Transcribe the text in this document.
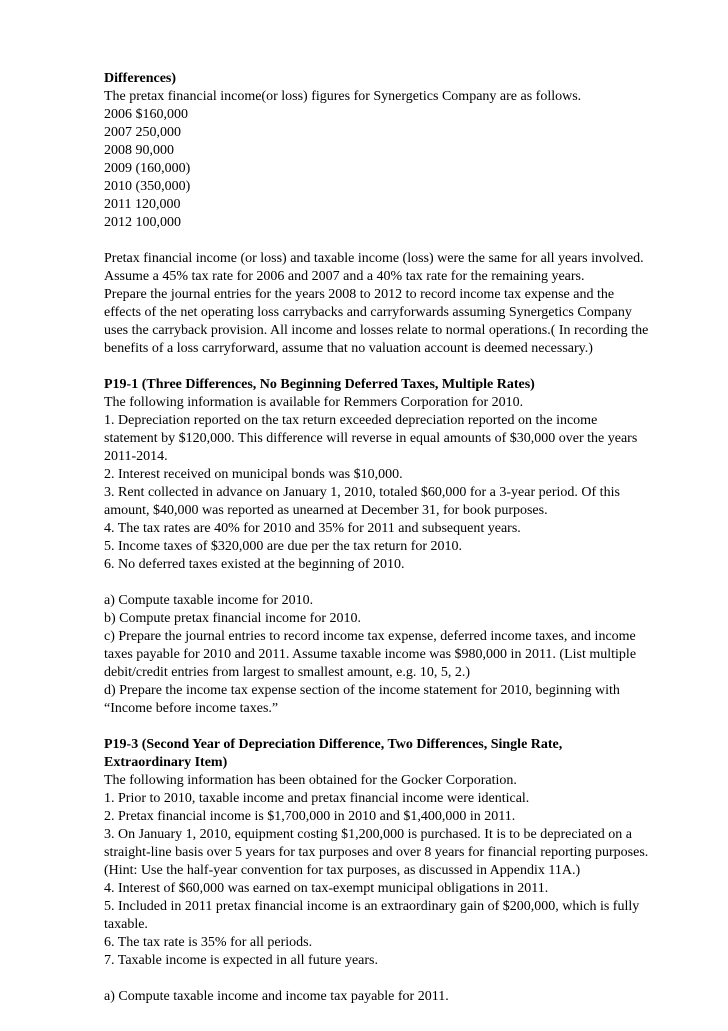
Differences)
The pretax financial income(or loss) figures for Synergetics Company are as follows.
2006 $160,000
2007 250,000
2008 90,000
2009 (160,000)
2010 (350,000)
2011 120,000
2012 100,000
Pretax financial income (or loss) and taxable income (loss) were the same for all years involved.
Assume a 45% tax rate for 2006 and 2007 and a 40% tax rate for the remaining years.
Prepare the journal entries for the years 2008 to 2012 to record income tax expense and the
effects of the net operating loss carrybacks and carryforwards assuming Synergetics Company
uses the carryback provision. All income and losses relate to normal operations.( In recording the
benefits of a loss carryforward, assume that no valuation account is deemed necessary.)
P19-1 (Three Differences, No Beginning Deferred Taxes, Multiple Rates)
The following information is available for Remmers Corporation for 2010.
1. Depreciation reported on the tax return exceeded depreciation reported on the income
statement by $120,000. This difference will reverse in equal amounts of $30,000 over the years
2011-2014.
2. Interest received on municipal bonds was $10,000.
3. Rent collected in advance on January 1, 2010, totaled $60,000 for a 3-year period. Of this
amount, $40,000 was reported as unearned at December 31, for book purposes.
4. The tax rates are 40% for 2010 and 35% for 2011 and subsequent years.
5. Income taxes of $320,000 are due per the tax return for 2010.
6. No deferred taxes existed at the beginning of 2010.
a) Compute taxable income for 2010.
b) Compute pretax financial income for 2010.
c) Prepare the journal entries to record income tax expense, deferred income taxes, and income
taxes payable for 2010 and 2011. Assume taxable income was $980,000 in 2011. (List multiple
debit/credit entries from largest to smallest amount, e.g. 10, 5, 2.)
d) Prepare the income tax expense section of the income statement for 2010, beginning with
“Income before income taxes.”
P19-3 (Second Year of Depreciation Difference, Two Differences, Single Rate,
Extraordinary Item)
The following information has been obtained for the Gocker Corporation.
1. Prior to 2010, taxable income and pretax financial income were identical.
2. Pretax financial income is $1,700,000 in 2010 and $1,400,000 in 2011.
3. On January 1, 2010, equipment costing $1,200,000 is purchased. It is to be depreciated on a
straight-line basis over 5 years for tax purposes and over 8 years for financial reporting purposes.
(Hint: Use the half-year convention for tax purposes, as discussed in Appendix 11A.)
4. Interest of $60,000 was earned on tax-exempt municipal obligations in 2011.
5. Included in 2011 pretax financial income is an extraordinary gain of $200,000, which is fully
taxable.
6. The tax rate is 35% for all periods.
7. Taxable income is expected in all future years.
a) Compute taxable income and income tax payable for 2011.
